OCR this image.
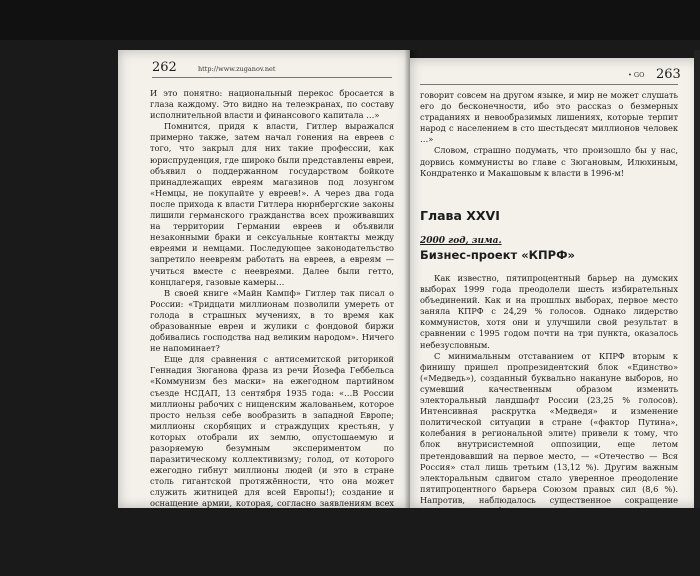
262	http://www.zuganov.net

И это понятно: национальный перекос бросается в глаза каждому. Это видно на телеэкранах, по составу исполнительной власти и финансового капитала …»

Помнится, придя к власти, Гитлер выражался примерно также, затем начал гонения на евреев с того, что закрыл для них такие профессии, как юриспруденция, где широко были представлены евреи, объявил о поддержанном государством бойкоте принадлежащих евреям магазинов под лозунгом «Немцы, не покупайте у евреев!». А через два года после прихода к власти Гитлера нюрнбергские законы лишили германского гражданства всех проживавших на территории Германии евреев и объявили незаконными браки и сексуальные контакты между евреями и немцами. Последующее законодательство запретило неевреям работать на евреев, а евреям — учиться вместе с неевреями. Далее были гетто, концлагеря, газовые камеры…

В своей книге «Майн Кампф» Гитлер так писал о России: «Тридцати миллионам позволили умереть от голода в страшных мучениях, в то время как образованные евреи и жулики с фондовой биржи добивались господства над великим народом». Ничего не напоминает?

Еще для сравнения с антисемитской риторикой Геннадия Зюганова фраза из речи Йозефа Геббельса «Коммунизм без маски» на ежегодном партийном съезде НСДАП, 13 сентября 1935 года: «…В России миллионы рабочих с нищенским жалованьем, которое просто нельзя себе вообразить в западной Европе; миллионы скорбящих и страждущих крестьян, у которых отобрали их землю, опустошаемую и разоряемую безумным экспериментом по паразитическому коллективизму; голод, от которого ежегодно гибнут миллионы людей (и это в стране столь гигантской протяжённости, что она может служить житницей для всей Европы!); создание и оснащение армии, которая, согласно заявлениям всех ведущих большевиков, будет использоваться для осуществления мировой революции; грубое и безжалостное управление этим ведущим в пропасть государственным и партийным аппаратом горсткой террористов, состоящей по большей части из евреев, — все это

• GO 263

говорит совсем на другом языке, и мир не может слушать его до бесконечности, ибо это рассказ о безмерных страданиях и невообразимых лишениях, которые терпит народ с населением в сто шестьдесят миллионов человек …»

Словом, страшно подумать, что произошло бы у нас, дорвись коммунисты во главе с Зюгановым, Илюхиным, Кондратенко и Макашовым к власти в 1996-м!

Глава XXVI
2000 год, зима.
Бизнес-проект «КПРФ»

Как известно, пятипроцентный барьер на думских выборах 1999 года преодолели шесть избирательных объединений. Как и на прошлых выборах, первое место заняла КПРФ с 24,29 % голосов. Однако лидерство коммунистов, хотя они и улучшили свой результат в сравнении с 1995 годом почти на три пункта, оказалось небезусловным.

С минимальным отставанием от КПРФ вторым к финишу пришел пропрезидентский блок «Единство» («Медведь»), созданный буквально накануне выборов, но сумевший качественным образом изменить электоральный ландшафт России (23,25 % голосов). Интенсивная раскрутка «Медведя» и изменение политической ситуации в стране («фактор Путина», колебания в региональной элите) привели к тому, что блок внутрисистемной оппозиции, еще летом претендовавший на первое место, — «Отечество — Вся Россия» стал лишь третьим (13,12 %). Другим важным электоральным сдвигом стало уверенное преодоление пятипроцентного барьера Союзом правых сил (8,6 %). Напротив, наблюдалось существенное сокращение электоральной базы ЛДПР («Блок Жириновского» получил только 6,05 % голосов и слабый результат «Яблока» (5,98 %, что на один пункт меньше, чем в 1995 году). Популярность левых сил понизилась. Расшире-
